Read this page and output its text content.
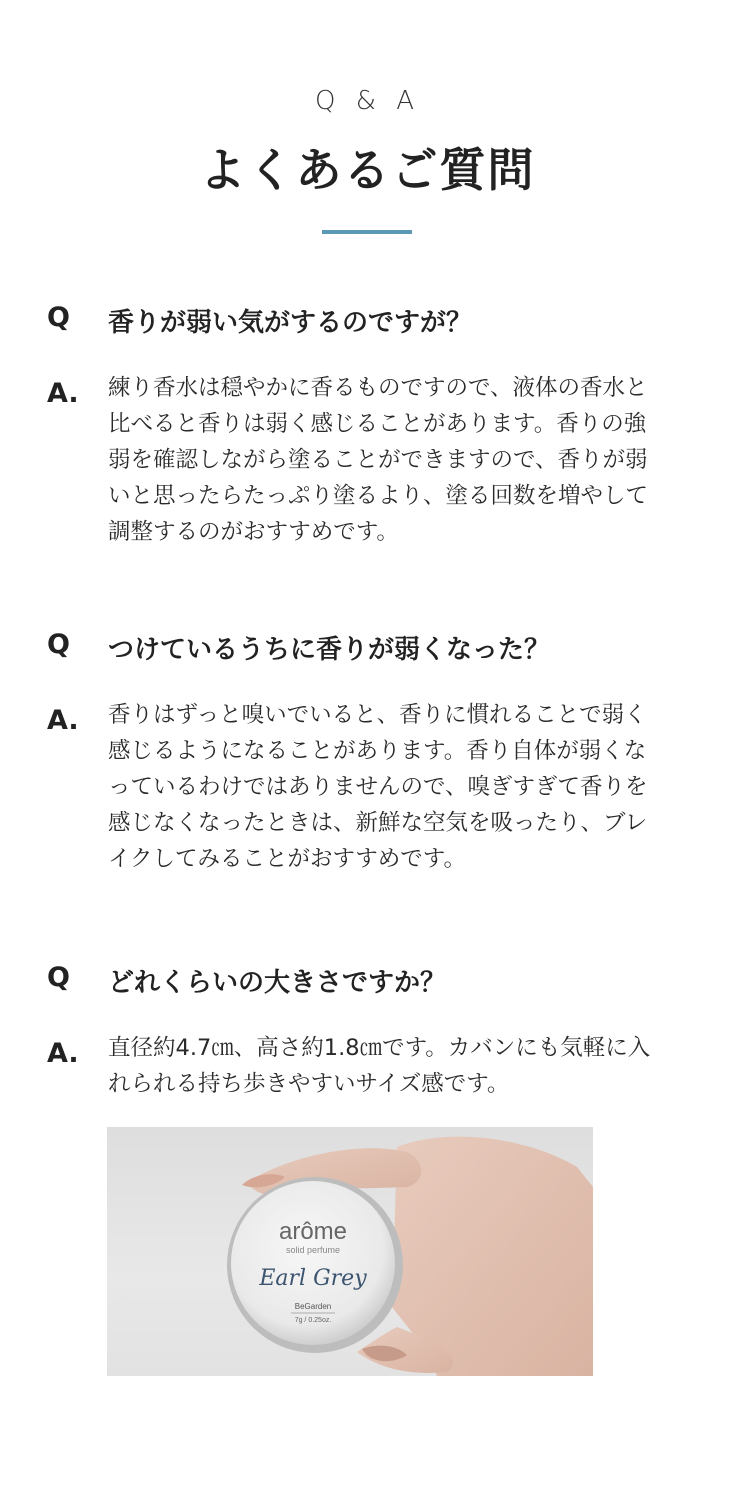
Q & A
よくあるご質問
Q 香りが弱い気がするのですが？
A. 練り香水は穏やかに香るものですので、液体の香水と
比べると香りは弱く感じることがあります。香りの強
弱を確認しながら塗ることができますので、香りが弱
いと思ったらたっぷり塗るより、塗る回数を増やして
調整するのがおすすめです。
Q つけているうちに香りが弱くなった？
A. 香りはずっと嗅いでいると、香りに慣れることで弱く
感じるようになることがあります。香り自体が弱くな
っているわけではありませんので、嗅ぎすぎて香りを
感じなくなったときは、新鮮な空気を吸ったり、ブレ
イクしてみることがおすすめです。
Q どれくらいの大きさですか？
A. 直径約4.7㎝、高さ約1.8㎝です。カバンにも気軽に入
れられる持ち歩きやすいサイズ感です。
arôme
solid perfume
Earl Grey
BeGarden
7g / 0.25oz.
